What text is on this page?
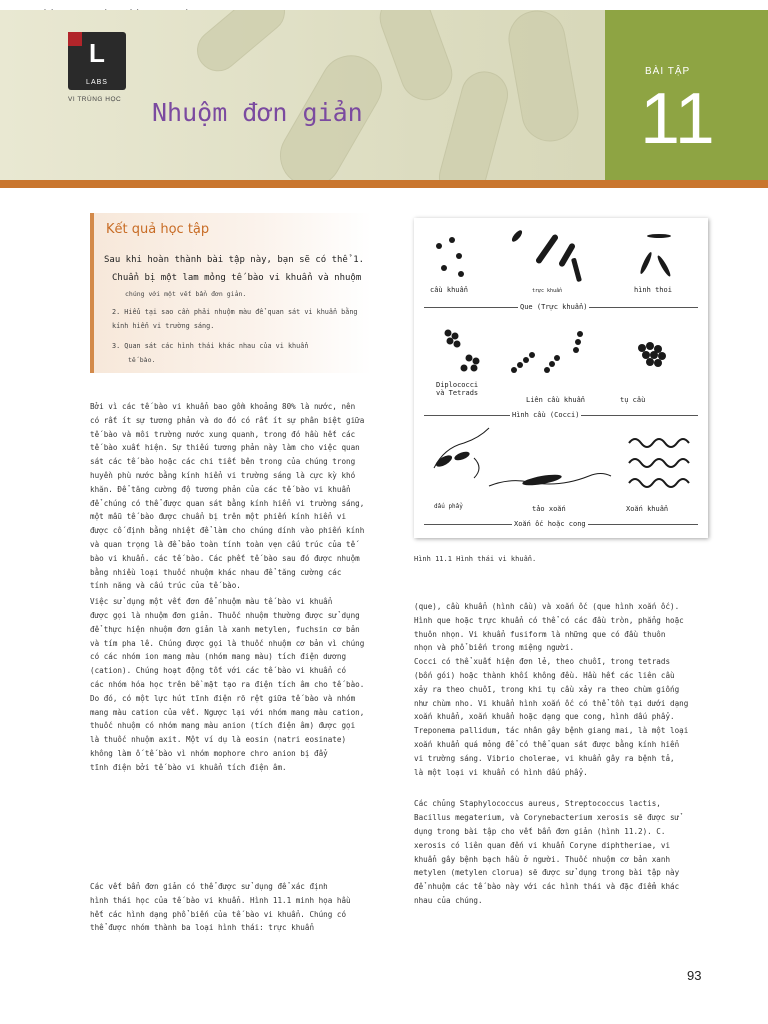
L
LABS
VI TRÙNG HỌC Nhuộm đơn giản
BÀI TẬP
11
Kết quả học tập
Sau khi hoàn thành bài tập này, bạn sẽ có thể 1.
Chuẩn bị một lam mỏng tế bào vi khuẩn và nhuộm
chúng với một vết bẩn đơn giản.
2. Hiểu tại sao cần phải nhuộm màu để quan sát vi khuẩn bằng kính hiển vi trường sáng.
3. Quan sát các hình thái khác nhau của vi khuẩn
tế bào.

Bởi vì các tế bào vi khuẩn bao gồm khoảng 80% là nước, nên
có rất ít sự tương phản và do đó có rất ít sự phân biệt giữa
tế bào và môi trường nước xung quanh, trong đó hầu hết các
tế bào xuất hiện. Sự thiếu tương phản này làm cho việc quan
sát các tế bào hoặc các chi tiết bên trong của chúng trong
huyền phù nước bằng kính hiển vi trường sáng là cực kỳ khó
khăn. Để tăng cường độ tương phản của các tế bào vi khuẩn
để chúng có thể được quan sát bằng kính hiển vi trường sáng,
một mẫu tế bào được chuẩn bị trên một phiến kính hiển vi
được cố định bằng nhiệt để làm cho chúng dính vào phiến kính
và quan trọng là để bảo toàn tính toàn vẹn cấu trúc của tế
bào vi khuẩn. các tế bào. Các phết tế bào sau đó được nhuộm
bằng nhiều loại thuốc nhuộm khác nhau để tăng cường các
tính năng và cấu trúc của tế bào.

Việc sử dụng một vết đơn để nhuộm màu tế bào vi khuẩn
được gọi là nhuộm đơn giản. Thuốc nhuộm thường được sử dụng
để thực hiện nhuộm đơn giản là xanh metylen, fuchsin cơ bản
và tím pha lê. Chúng được gọi là thuốc nhuộm cơ bản vì chúng
có các nhóm ion mang màu (nhóm mang màu) tích điện dương
(cation). Chúng hoạt động tốt với các tế bào vi khuẩn có
các nhóm hóa học trên bề mặt tạo ra điện tích âm cho tế bào.
Do đó, có một lực hút tĩnh điện rõ rệt giữa tế bào và nhóm
mang màu cation của vết. Ngược lại với nhóm mang màu cation,
thuốc nhuộm có nhóm mang màu anion (tích điện âm) được gọi
là thuốc nhuộm axit. Một ví dụ là eosin (natri eosinate)
không làm ố tế bào vì nhóm mophore chro anion bị đẩy
tĩnh điện bởi tế bào vi khuẩn tích điện âm.

Các vết bẩn đơn giản có thể được sử dụng để xác định
hình thái học của tế bào vi khuẩn. Hình 11.1 minh họa hầu
hết các hình dạng phổ biến của tế bào vi khuẩn. Chúng có
thể được nhóm thành ba loại hình thái: trực khuẩn

cầu khuẩn	trực khuẩn	hình thoi
Que (Trực khuẩn)
Diplococci
và Tetrads
Liên cầu khuẩn	tụ cầu
Hình cầu (Cocci)
dấu phẩy	tảo xoắn	Xoắn khuẩn
Xoắn ốc hoặc cong
Hình 11.1 Hình thái vi khuẩn.

(que), cầu khuẩn (hình cầu) và xoắn ốc (que hình xoắn ốc).
Hình que hoặc trực khuẩn có thể có các đầu tròn, phẳng hoặc
thuôn nhọn. Vi khuẩn fusiform là những que có đầu thuôn
nhọn và phổ biến trong miệng người.
Cocci có thể xuất hiện đơn lẻ, theo chuỗi, trong tetrads
(bốn gói) hoặc thành khối không đều. Hầu hết các liên cầu
xảy ra theo chuỗi, trong khi tụ cầu xảy ra theo chùm giống
như chùm nho. Vi khuẩn hình xoắn ốc có thể tồn tại dưới dạng
xoắn khuẩn, xoắn khuẩn hoặc dạng que cong, hình dấu phẩy.
Treponema pallidum, tác nhân gây bệnh giang mai, là một loại
xoắn khuẩn quá mỏng để có thể quan sát được bằng kính hiển
vi trường sáng. Vibrio cholerae, vi khuẩn gây ra bệnh tả,
là một loại vi khuẩn có hình dấu phẩy.

Các chủng Staphylococcus aureus, Streptococcus lactis,
Bacillus megaterium, và Corynebacterium xerosis sẽ được sử
dụng trong bài tập cho vết bẩn đơn giản (hình 11.2). C.
xerosis có liên quan đến vi khuẩn Coryne diphtheriae, vi
khuẩn gây bệnh bạch hầu ở người. Thuốc nhuộm cơ bản xanh
metylen (metylen clorua) sẽ được sử dụng trong bài tập này
để nhuộm các tế bào này với các hình thái và đặc điểm khác
nhau của chúng.

93
